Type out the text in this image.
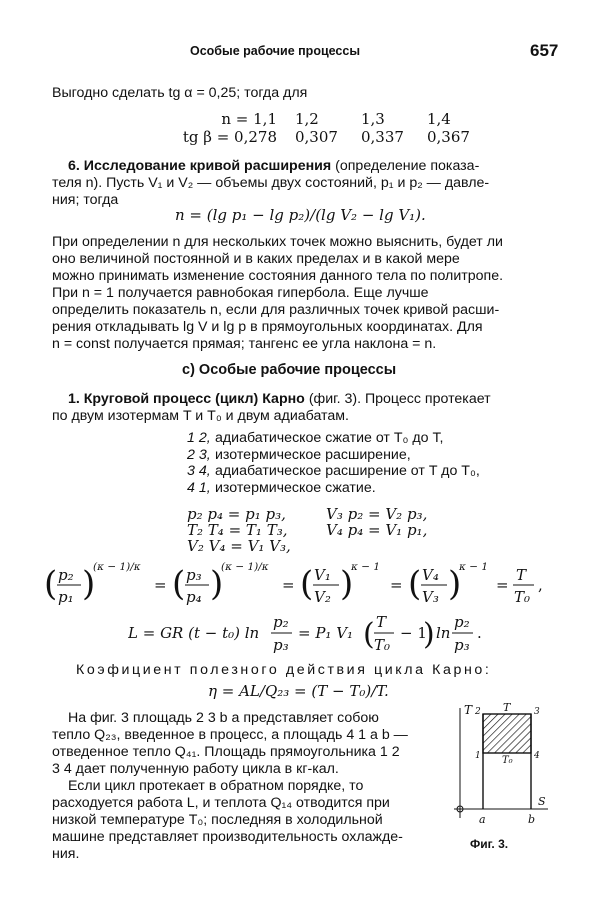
Особые рабочие процессы	657
Выгодно сделать tg α = 0,25; тогда для
n = 1,1	1,2	1,3	1,4
tg β = 0,278	0,307	0,337	0,367
6. Исследование кривой расширения (определение показа-
теля n). Пусть V₁ и V₂ — объемы двух состояний, p₁ и p₂ — давле-
ния; тогда
n = (lg p₁ − lg p₂)/(lg V₂ − lg V₁).
При определении n для нескольких точек можно выяснить, будет ли
оно величиной постоянной и в каких пределах и в какой мере
можно принимать изменение состояния данного тела по политропе.
При n = 1 получается равнобокая гипербола. Еще лучше
определить показатель n, если для различных точек кривой расши-
рения откладывать lg V и lg p в прямоугольных координатах. Для
n = const получается прямая; тангенс ее угла наклона = n.
с) Особые рабочие процессы
1. Круговой процесс (цикл) Карно (фиг. 3). Процесс протекает
по двум изотермам T и T₀ и двум адиабатам.
1 2, адиабатическое сжатие от T₀ до T,
2 3, изотермическое расширение,
3 4, адиабатическое расширение от T до T₀,
4 1, изотермическое сжатие.
p₂ p₄ = p₁ p₃,
T₂ T₄ = T₁ T₃,
V₂ V₄ = V₁ V₃,
V₃ p₂ = V₂ p₃,
V₄ p₄ = V₁ p₁,
( p₂
p₁ )
(κ − 1)/κ
= ( p₃
p₄ )
(κ − 1)/κ
= ( V₁
V₂ )
κ − 1
= ( V₄
V₃ )
κ − 1
=
T
T₀
,
L = GR (t − t₀) ln
p₂
p₃
= P₁ V₁ ( T
T₀
− 1
) ln
p₂
p₃
.
Коэфициент полезного действия цикла Карно:
η = AL/Q₂₃ = (T − T₀)/T.
На фиг. 3 площадь 2 3 b a представляет собою
тепло Q₂₃, введенное в процесс, а площадь 4 1 a b —
отведенное тепло Q₄₁. Площадь прямоугольника 1 2
3 4 дает полученную работу цикла в кг-кал.
Если цикл протекает в обратном порядке, то
расходуется работа L, и теплота Q₁₄ отводится при
низкой температуре T₀; последняя в холодильной
машине представляет производительность охлажде-
ния.
T
S
T
T₀
2	3
1	4
a	b
Фиг. 3.
